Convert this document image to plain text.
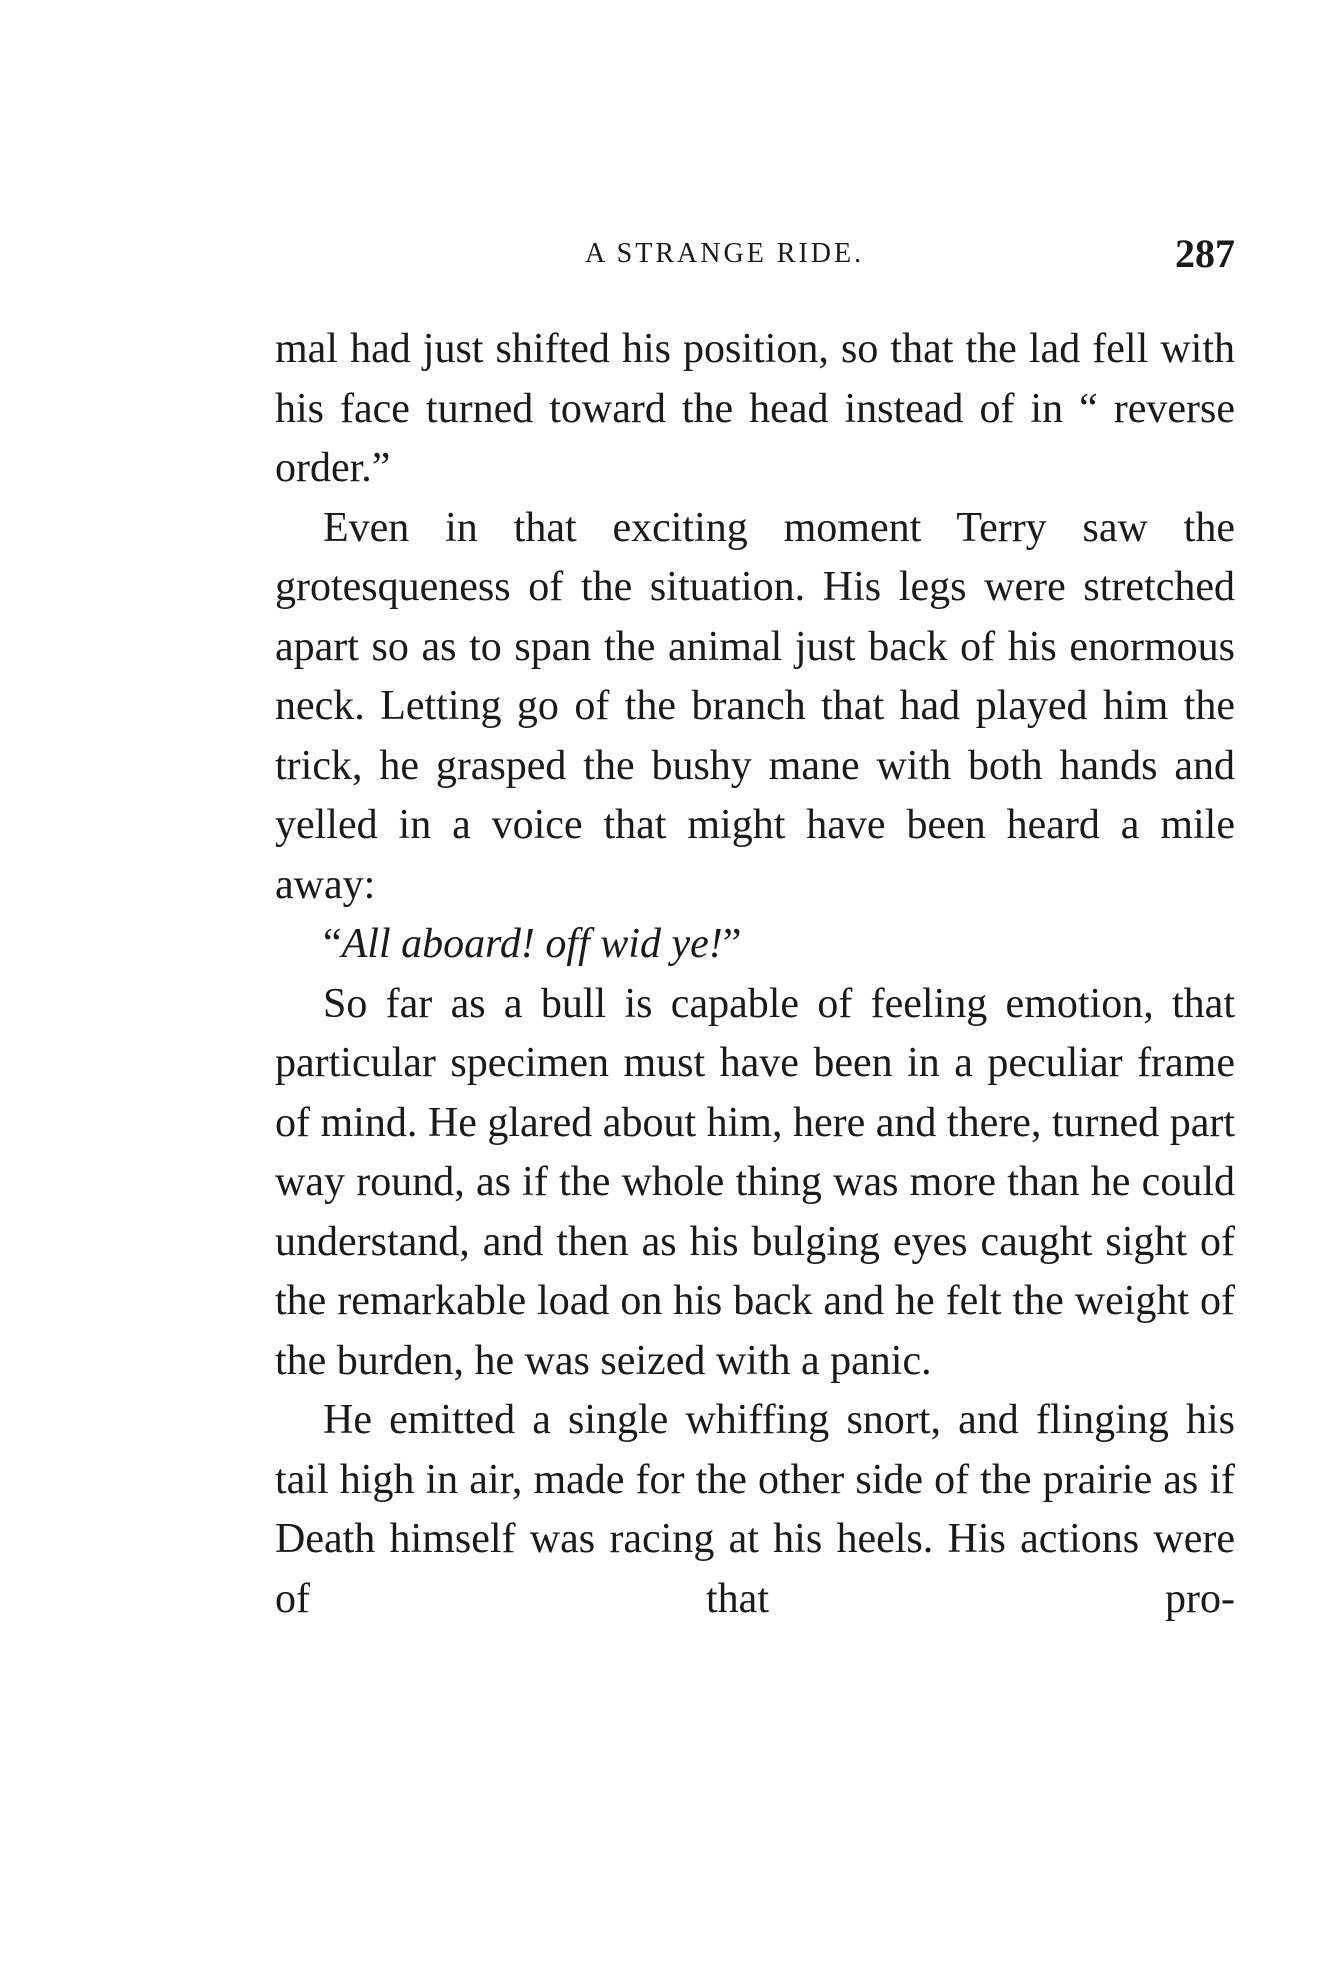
A STRANGE RIDE.	287

mal had just shifted his position, so that the lad fell with his face turned toward the head instead of in “ reverse order.”

Even in that exciting moment Terry saw the grotesqueness of the situation. His legs were stretched apart so as to span the animal just back of his enormous neck. Letting go of the branch that had played him the trick, he grasped the bushy mane with both hands and yelled in a voice that might have been heard a mile away:

“All aboard! off wid ye!”

So far as a bull is capable of feeling emotion, that particular specimen must have been in a peculiar frame of mind. He glared about him, here and there, turned part way round, as if the whole thing was more than he could understand, and then as his bulging eyes caught sight of the remarkable load on his back and he felt the weight of the burden, he was seized with a panic.

He emitted a single whiffing snort, and flinging his tail high in air, made for the other side of the prairie as if Death himself was racing at his heels. His actions were of that pro-
